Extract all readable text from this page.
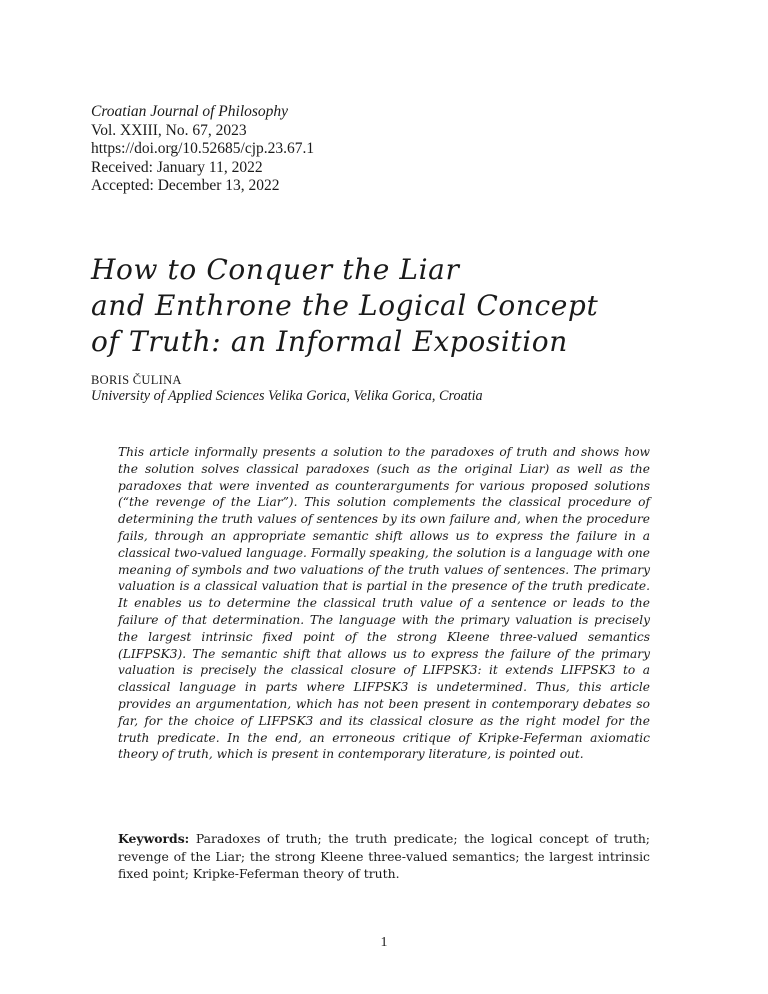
Croatian Journal of Philosophy
Vol. XXIII, No. 67, 2023
https://doi.org/10.52685/cjp.23.67.1
Received: January 11, 2022
Accepted: December 13, 2022
How to Conquer the Liar
and Enthrone the Logical Concept
of Truth: an Informal Exposition
BORIS ČULINA
University of Applied Sciences Velika Gorica, Velika Gorica, Croatia
This article informally presents a solution to the paradoxes of truth and shows how the solution solves classical paradoxes (such as the original Liar) as well as the paradoxes that were invented as counterarguments for various proposed solutions (“the revenge of the Liar”). This solution complements the classical procedure of determining the truth values of sentences by its own failure and, when the procedure fails, through an appropriate semantic shift allows us to express the failure in a classical two-valued language. Formally speaking, the solution is a language with one meaning of symbols and two valuations of the truth values of sentences. The primary valuation is a classical valuation that is partial in the presence of the truth predicate. It enables us to determine the classical truth value of a sentence or leads to the failure of that determination. The language with the primary valuation is precisely the largest intrinsic fixed point of the strong Kleene three-valued semantics (LIFPSK3). The semantic shift that allows us to express the failure of the primary valuation is precisely the classical closure of LIFPSK3: it extends LIFPSK3 to a classical language in parts where LIFPSK3 is undetermined. Thus, this article provides an argumentation, which has not been present in contemporary debates so far, for the choice of LIFPSK3 and its classical closure as the right model for the truth predicate. In the end, an erroneous critique of Kripke-Feferman axiomatic theory of truth, which is present in contemporary literature, is pointed out.
Keywords: Paradoxes of truth; the truth predicate; the logical concept of truth; revenge of the Liar; the strong Kleene three-valued semantics; the largest intrinsic fixed point; Kripke-Feferman theory of truth.
1
